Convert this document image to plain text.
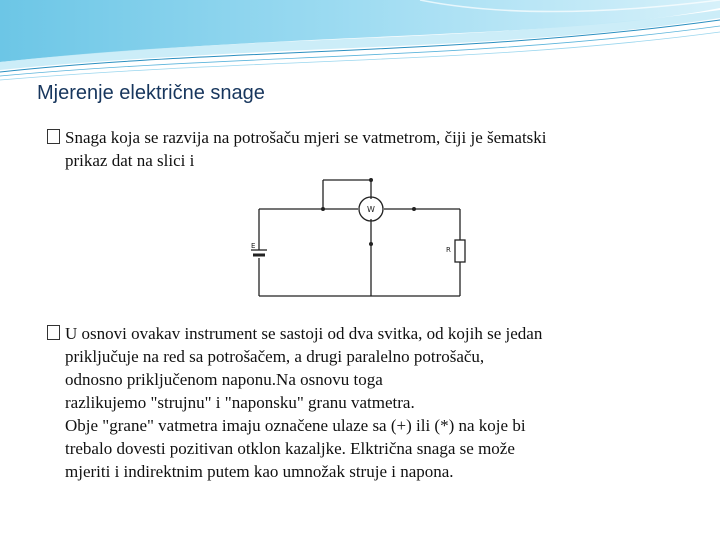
Mjerenje električne snage
Snaga koja se razvija na potrošaču mjeri se vatmetrom, čiji je šematski
prikaz dat na slici i
W
E	R
U osnovi ovakav instrument se sastoji od dva svitka, od kojih se jedan
priključuje na red sa potrošačem, a drugi paralelno potrošaču,
odnosno priključenom naponu.Na osnovu toga
razlikujemo "strujnu" i "naponsku" granu vatmetra.
Obje "grane" vatmetra imaju označene ulaze sa (+) ili (*) na koje bi
trebalo dovesti pozitivan otklon kazaljke. Elktrična snaga se može
mjeriti i indirektnim putem kao umnožak struje i napona.
